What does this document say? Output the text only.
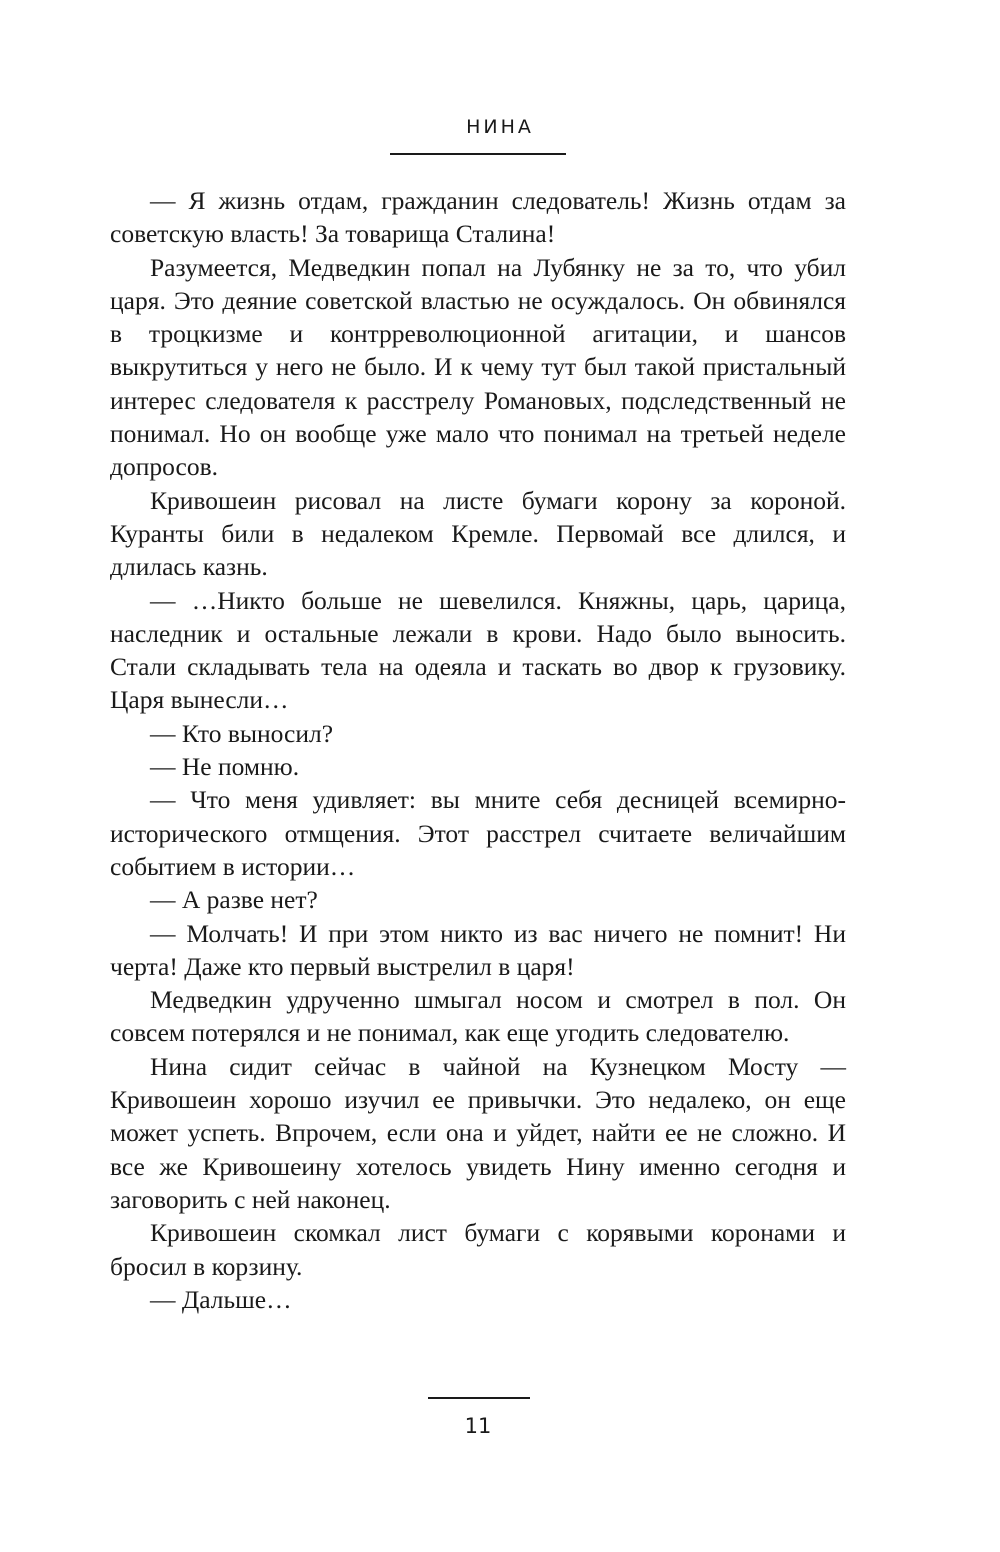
НИНА

— Я жизнь отдам, гражданин следователь! Жизнь отдам за советскую власть! За товарища Сталина!

Разумеется, Медведкин попал на Лубянку не за то, что убил царя. Это деяние советской властью не осуждалось. Он обвинялся в троцкизме и контрреволюционной агитации, и шансов выкрутиться у него не было. И к чему тут был такой пристальный интерес следователя к расстрелу Романовых, подследственный не понимал. Но он вообще уже мало что понимал на третьей неделе допросов.

Кривошеин рисовал на листе бумаги корону за короной. Куранты били в недалеком Кремле. Первомай все длился, и длилась казнь.

— …Никто больше не шевелился. Княжны, царь, царица, наследник и остальные лежали в крови. Надо было выносить. Стали складывать тела на одеяла и таскать во двор к грузовику. Царя вынесли…

— Кто выносил?

— Не помню.

— Что меня удивляет: вы мните себя десницей всемирно-исторического отмщения. Этот расстрел считаете величайшим событием в истории…

— А разве нет?

— Молчать! И при этом никто из вас ничего не помнит! Ни черта! Даже кто первый выстрелил в царя!

Медведкин удрученно шмыгал носом и смотрел в пол. Он совсем потерялся и не понимал, как еще угодить следователю.

Нина сидит сейчас в чайной на Кузнецком Мосту — Кривошеин хорошо изучил ее привычки. Это недалеко, он еще может успеть. Впрочем, если она и уйдет, найти ее не сложно. И все же Кривошеину хотелось увидеть Нину именно сегодня и заговорить с ней наконец.

Кривошеин скомкал лист бумаги с корявыми коронами и бросил в корзину.

— Дальше…

11
